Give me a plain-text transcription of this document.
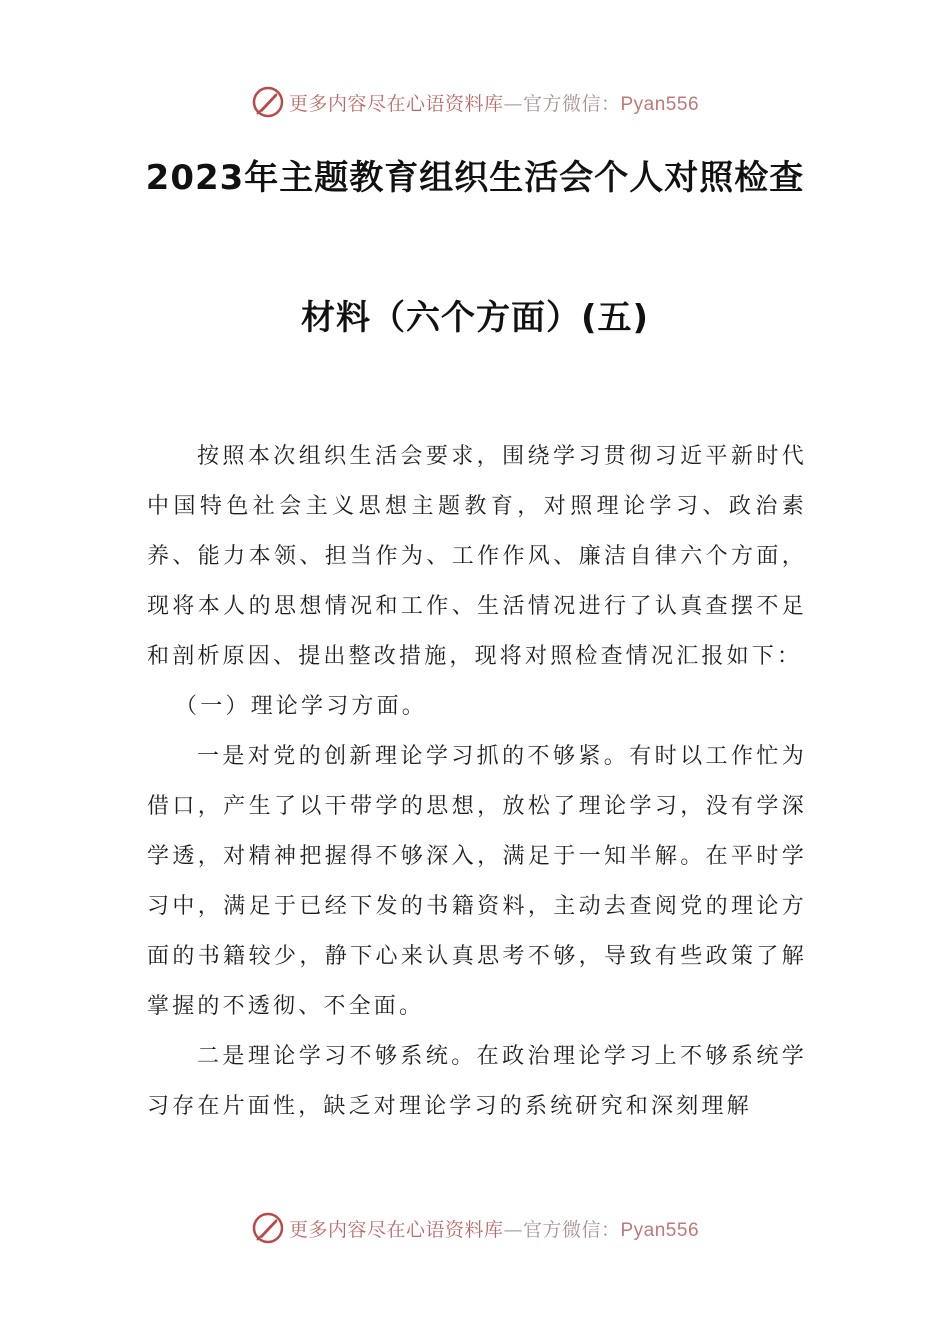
更多内容尽在心语资料库—官方微信：Pyan556
2023年主题教育组织生活会个人对照检查
材料（六个方面）(五)

按照本次组织生活会要求，围绕学习贯彻习近平新时代中国特色社会主义思想主题教育，对照理论学习、政治素养、能力本领、担当作为、工作作风、廉洁自律六个方面，现将本人的思想情况和工作、生活情况进行了认真查摆不足和剖析原因、提出整改措施，现将对照检查情况汇报如下：

（一）理论学习方面。

一是对党的创新理论学习抓的不够紧。有时以工作忙为借口，产生了以干带学的思想，放松了理论学习，没有学深学透，对精神把握得不够深入，满足于一知半解。在平时学习中，满足于已经下发的书籍资料，主动去查阅党的理论方面的书籍较少，静下心来认真思考不够，导致有些政策了解掌握的不透彻、不全面。

二是理论学习不够系统。在政治理论学习上不够系统学习存在片面性，缺乏对理论学习的系统研究和深刻理解

更多内容尽在心语资料库—官方微信：Pyan556
